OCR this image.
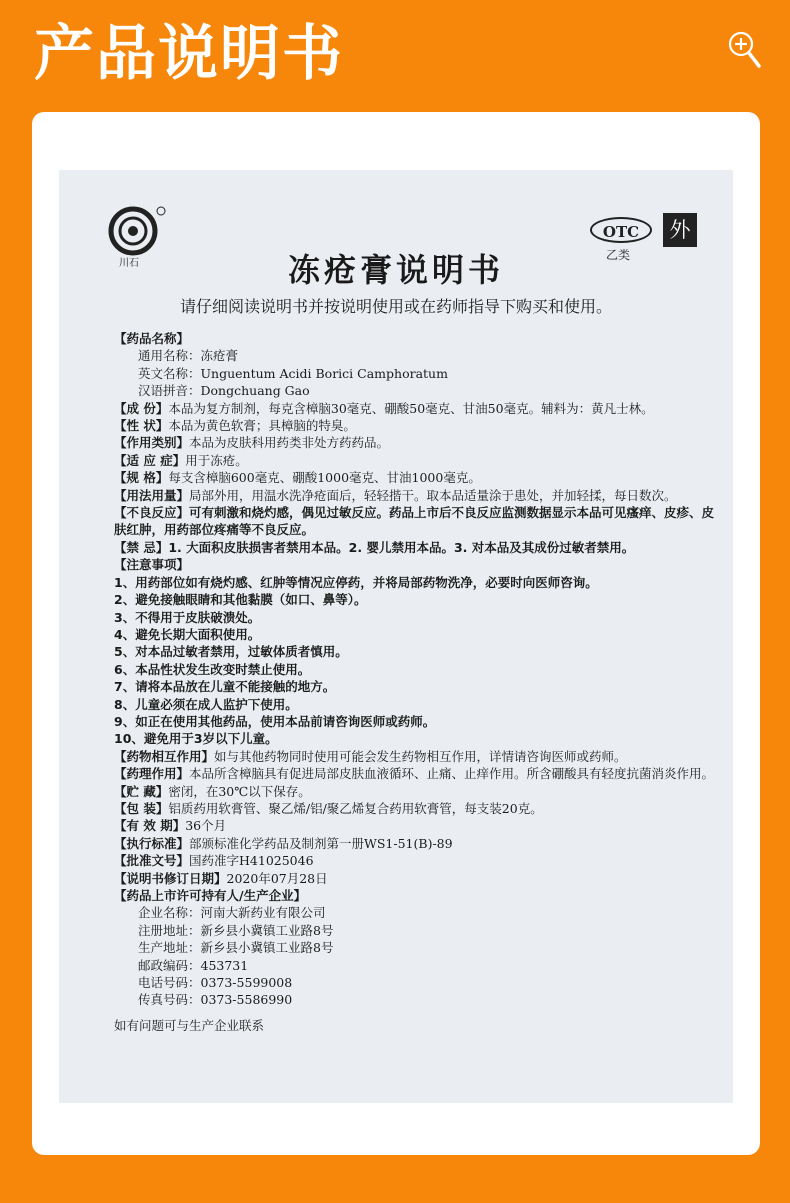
产品说明书
川石
OTC
乙类
外
冻疮膏说明书
请仔细阅读说明书并按说明使用或在药师指导下购买和使用。
【药品名称】
通用名称：冻疮膏
英文名称：Unguentum Acidi Borici Camphoratum
汉语拼音：Dongchuang Gao
【成 份】本品为复方制剂，每克含樟脑30毫克、硼酸50毫克、甘油50毫克。辅料为：黄凡士林。
【性 状】本品为黄色软膏；具樟脑的特臭。
【作用类别】本品为皮肤科用药类非处方药药品。
【适 应 症】用于冻疮。
【规 格】每支含樟脑600毫克、硼酸1000毫克、甘油1000毫克。
【用法用量】局部外用，用温水洗净疮面后，轻轻揩干。取本品适量涂于患处，并加轻揉，每日数次。
【不良反应】可有刺激和烧灼感，偶见过敏反应。药品上市后不良反应监测数据显示本品可见瘙痒、皮疹、皮肤红肿，用药部位疼痛等不良反应。
【禁 忌】1. 大面积皮肤损害者禁用本品。2. 婴儿禁用本品。3. 对本品及其成份过敏者禁用。
【注意事项】
1、用药部位如有烧灼感、红肿等情况应停药，并将局部药物洗净，必要时向医师咨询。
2、避免接触眼睛和其他黏膜（如口、鼻等）。
3、不得用于皮肤破溃处。
4、避免长期大面积使用。
5、对本品过敏者禁用，过敏体质者慎用。
6、本品性状发生改变时禁止使用。
7、请将本品放在儿童不能接触的地方。
8、儿童必须在成人监护下使用。
9、如正在使用其他药品，使用本品前请咨询医师或药师。
10、避免用于3岁以下儿童。
【药物相互作用】如与其他药物同时使用可能会发生药物相互作用，详情请咨询医师或药师。
【药理作用】本品所含樟脑具有促进局部皮肤血液循环、止痛、止痒作用。所含硼酸具有轻度抗菌消炎作用。
【贮 藏】密闭，在30℃以下保存。
【包 装】铝质药用软膏管、聚乙烯/铝/聚乙烯复合药用软膏管，每支装20克。
【有 效 期】36个月
【执行标准】部颁标准化学药品及制剂第一册WS1-51(B)-89
【批准文号】国药准字H41025046
【说明书修订日期】2020年07月28日
【药品上市许可持有人/生产企业】
企业名称：河南大新药业有限公司
注册地址：新乡县小冀镇工业路8号
生产地址：新乡县小冀镇工业路8号
邮政编码：453731
电话号码：0373-5599008
传真号码：0373-5586990
如有问题可与生产企业联系
